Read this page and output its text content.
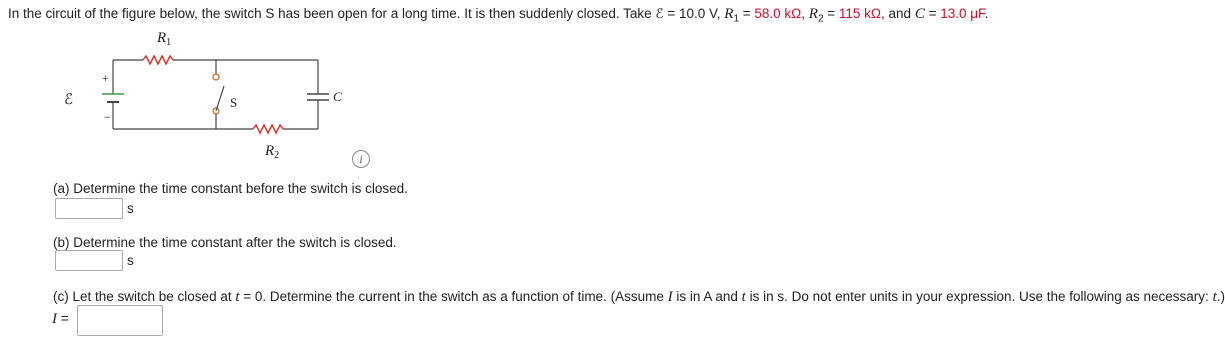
In the circuit of the figure below, the switch S has been open for a long time. It is then suddenly closed. Take ℰ = 10.0 V, $R_1 = 58.0$ kΩ, $R_2 = 115$ kΩ, and C = 13.0 μF.
$R_1$
$R_2$
+
−
ℰ	S	C
i
(a) Determine the time constant before the switch is closed.
s
(b) Determine the time constant after the switch is closed.
s
(c) Let the switch be closed at t = 0. Determine the current in the switch as a function of time. (Assume I is in A and t is in s. Do not enter units in your expression. Use the following as necessary: t.)
I =
